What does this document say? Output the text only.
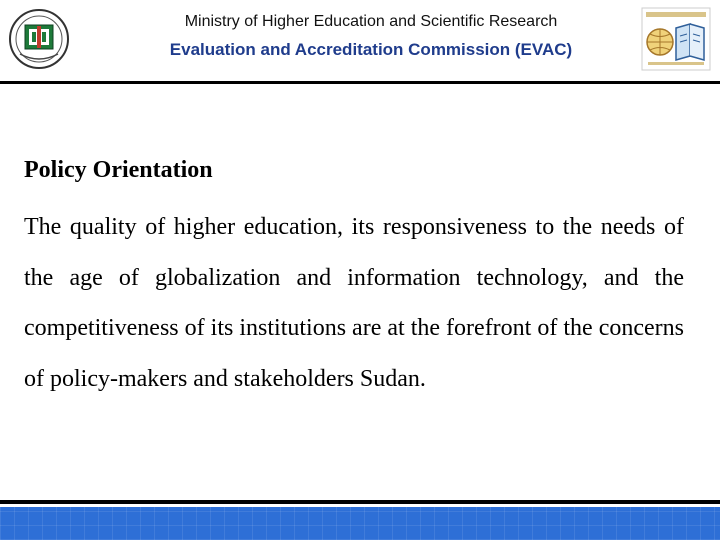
Ministry of Higher Education and Scientific Research
Evaluation and Accreditation Commission (EVAC)

Policy Orientation

The quality of higher education, its responsiveness to the needs of the age of globalization and information technology, and the competitiveness of its institutions are at the forefront of the concerns of policy-makers and stakeholders Sudan.
